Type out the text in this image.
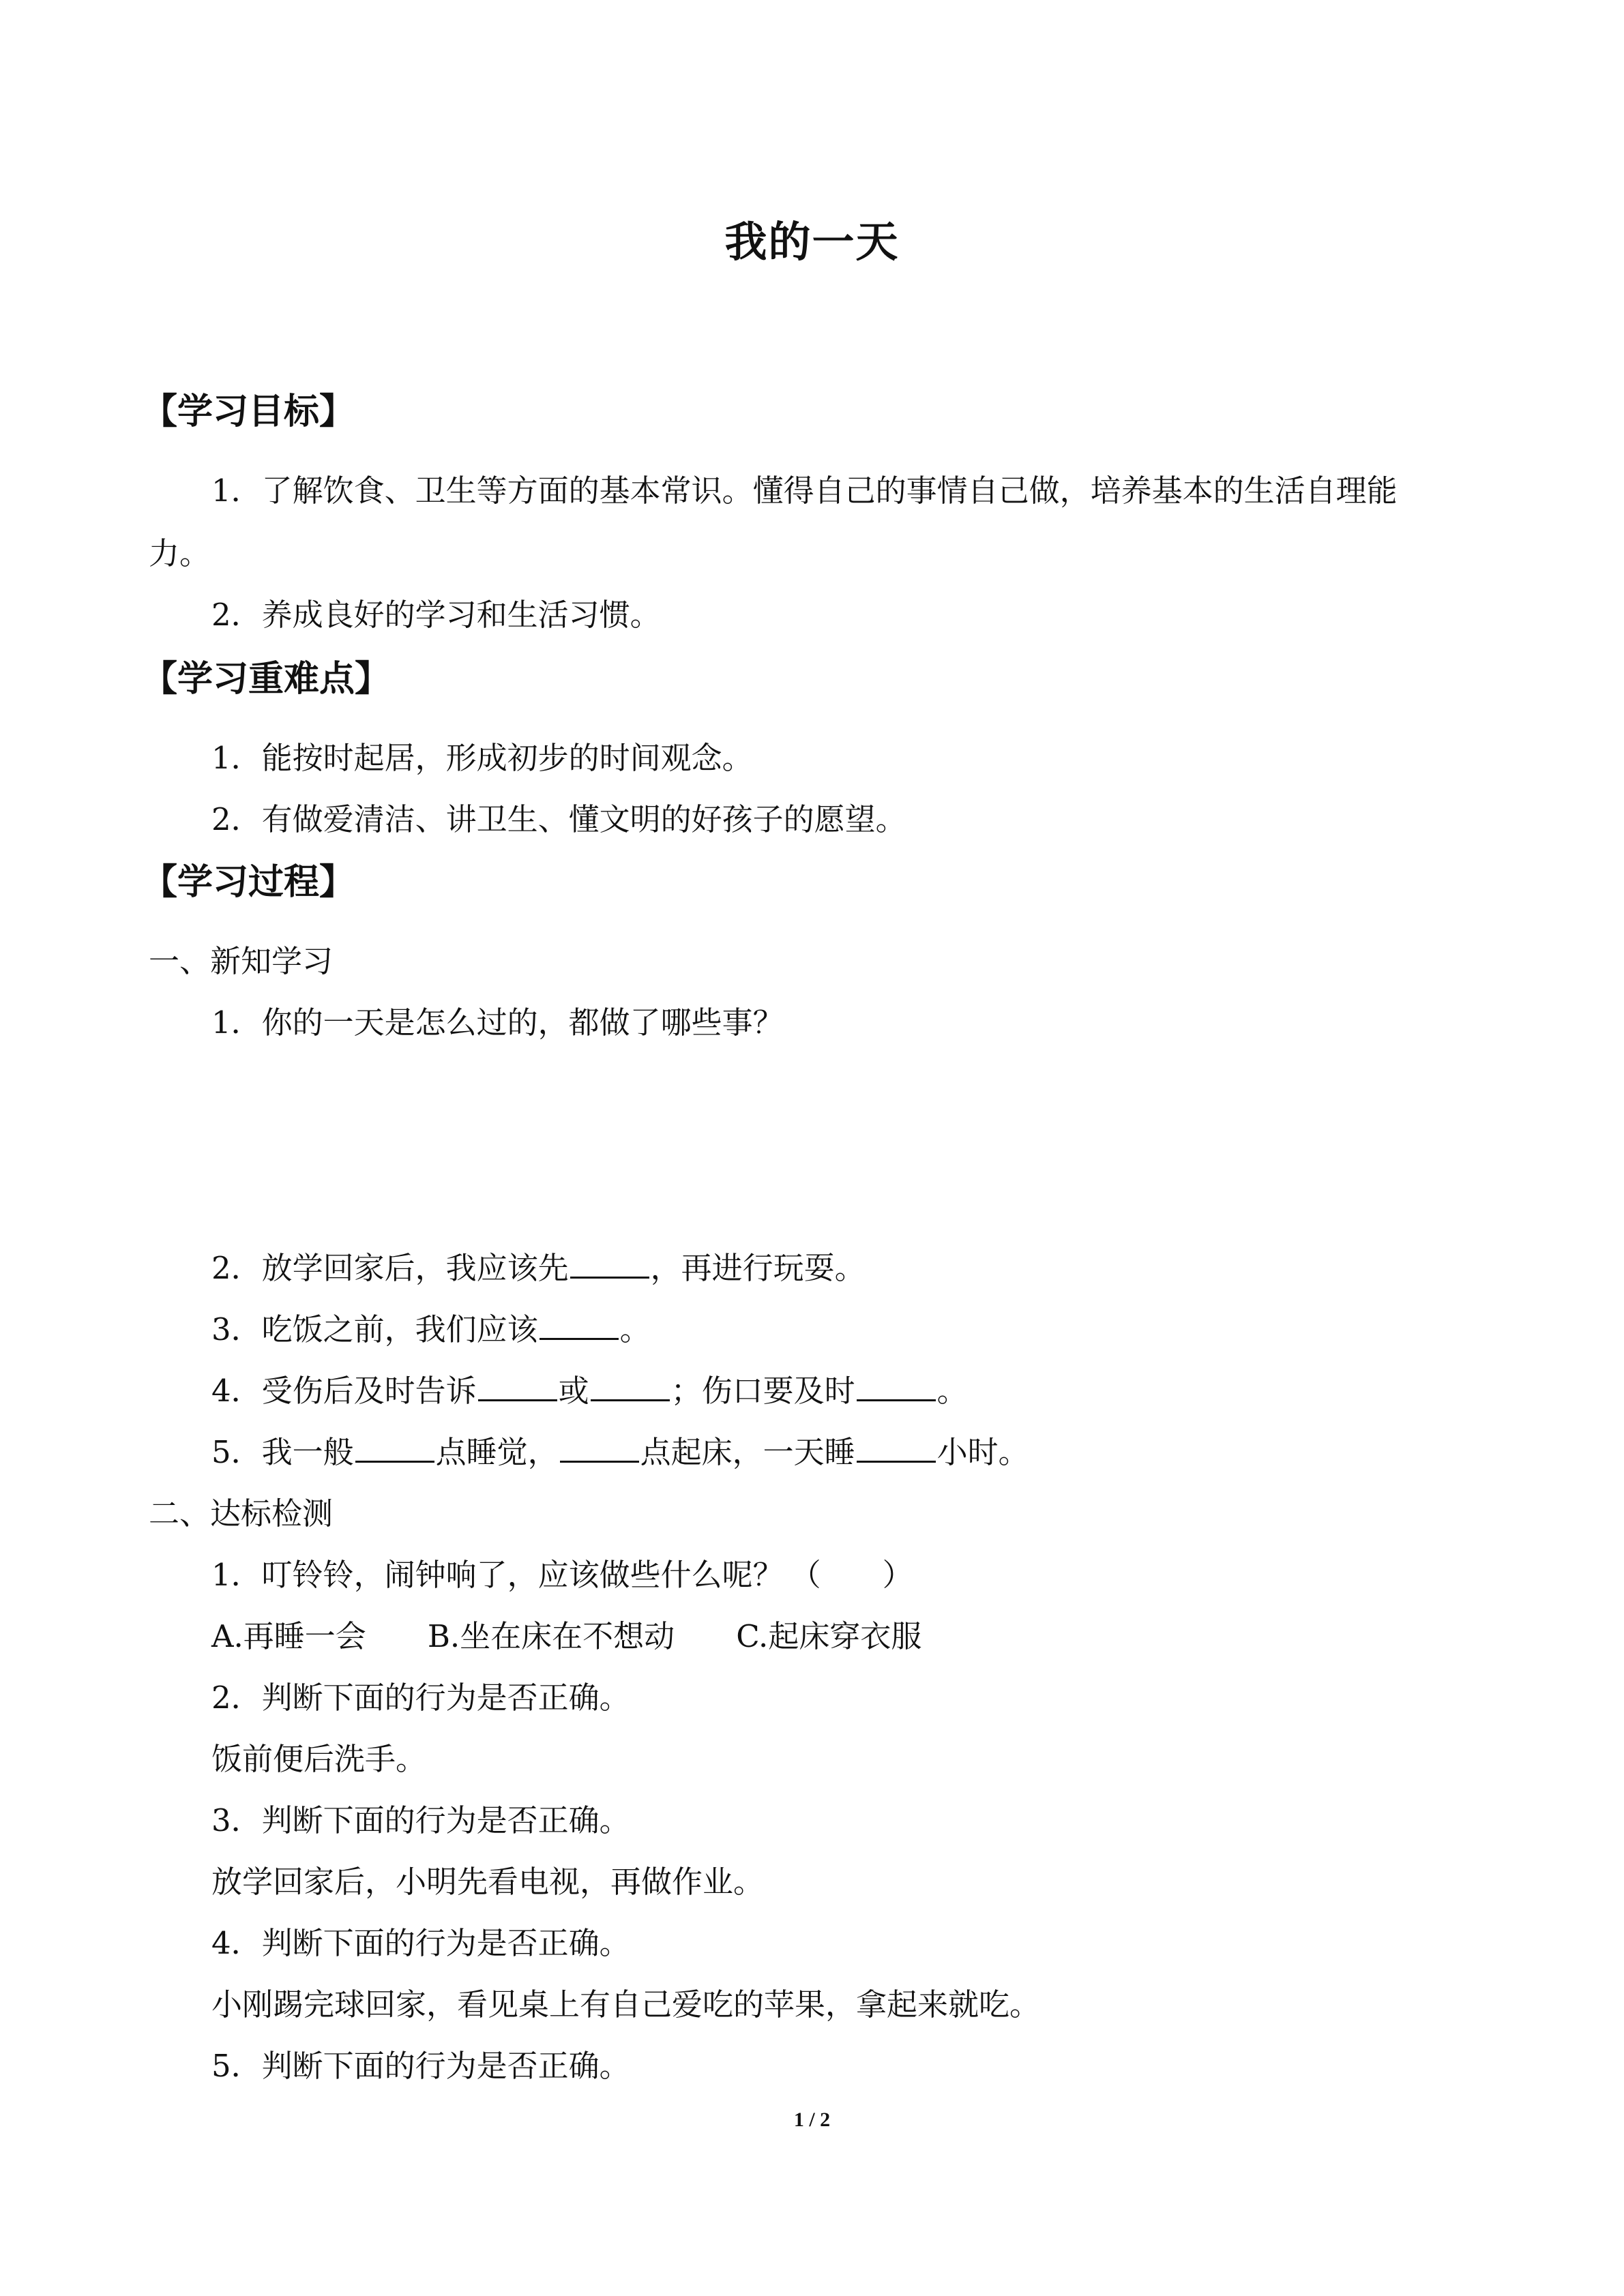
我的一天
【学习目标】
1．了解饮食、卫生等方面的基本常识。懂得自己的事情自己做，培养基本的生活自理能
力。
2．养成良好的学习和生活习惯。
【学习重难点】
1．能按时起居，形成初步的时间观念。
2．有做爱清洁、讲卫生、懂文明的好孩子的愿望。
【学习过程】
一、新知学习
1．你的一天是怎么过的，都做了哪些事？
2．放学回家后，我应该先	，再进行玩耍。
3．吃饭之前，我们应该	。
4．受伤后及时告诉	或	；伤口要及时	。
5．我一般	点睡觉，	点起床，一天睡	小时。
二、达标检测
1．叮铃铃，闹钟响了，应该做些什么呢？ （　　）
A.再睡一会 B.坐在床在不想动 C.起床穿衣服
2．判断下面的行为是否正确。
饭前便后洗手。
3．判断下面的行为是否正确。
放学回家后，小明先看电视，再做作业。
4．判断下面的行为是否正确。
小刚踢完球回家，看见桌上有自己爱吃的苹果，拿起来就吃。
5．判断下面的行为是否正确。
1 / 2
